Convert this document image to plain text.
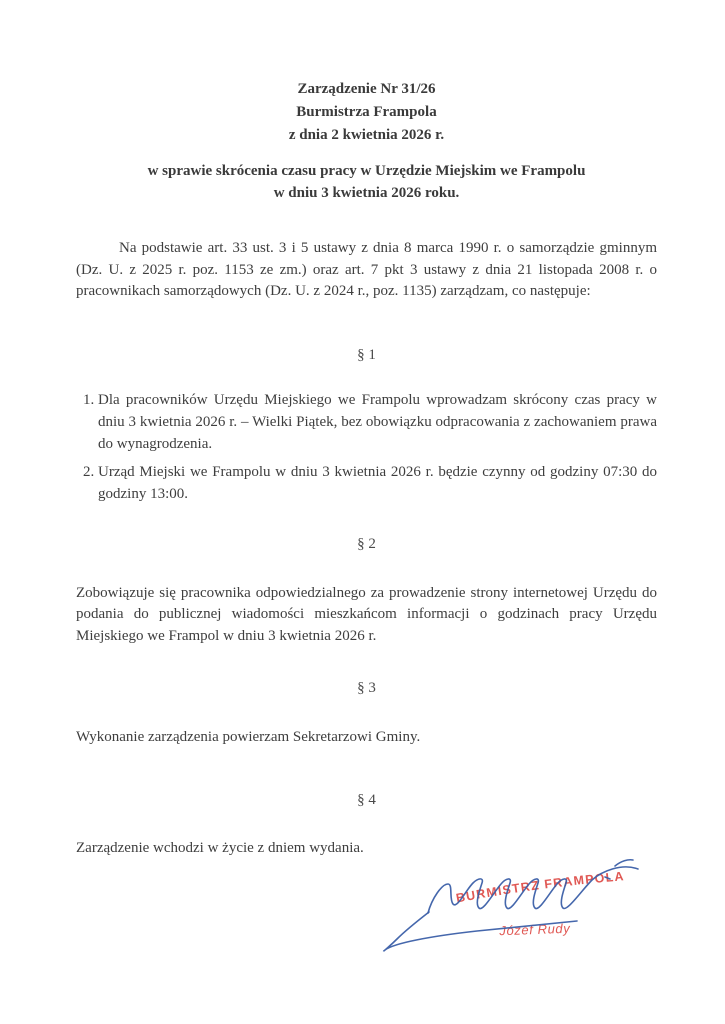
Zarządzenie Nr 31/26
Burmistrza Frampola
z dnia 2 kwietnia 2026 r.
w sprawie skrócenia czasu pracy w Urzędzie Miejskim we Frampolu
w dniu 3 kwietnia 2026 roku.

Na podstawie art. 33 ust. 3 i 5 ustawy z dnia 8 marca 1990 r. o samorządzie gminnym (Dz. U. z 2025 r. poz. 1153 ze zm.) oraz art. 7 pkt 3 ustawy z dnia 21 listopada 2008 r. o pracownikach samorządowych (Dz. U. z 2024 r., poz. 1135) zarządzam, co następuje:

§ 1
1. Dla pracowników Urzędu Miejskiego we Frampolu wprowadzam skrócony czas pracy w dniu 3 kwietnia 2026 r. – Wielki Piątek, bez obowiązku odpracowania z zachowaniem prawa do wynagrodzenia.
2. Urząd Miejski we Frampolu w dniu 3 kwietnia 2026 r. będzie czynny od godziny 07:30 do godziny 13:00.
§ 2

Zobowiązuje się pracownika odpowiedzialnego za prowadzenie strony internetowej Urzędu do podania do publicznej wiadomości mieszkańcom informacji o godzinach pracy Urzędu Miejskiego we Frampol w dniu 3 kwietnia 2026 r.

§ 3

Wykonanie zarządzenia powierzam Sekretarzowi Gminy.

§ 4

Zarządzenie wchodzi w życie z dniem wydania.

BURMISTRZ FRAMPOLA
Józef Rudy
